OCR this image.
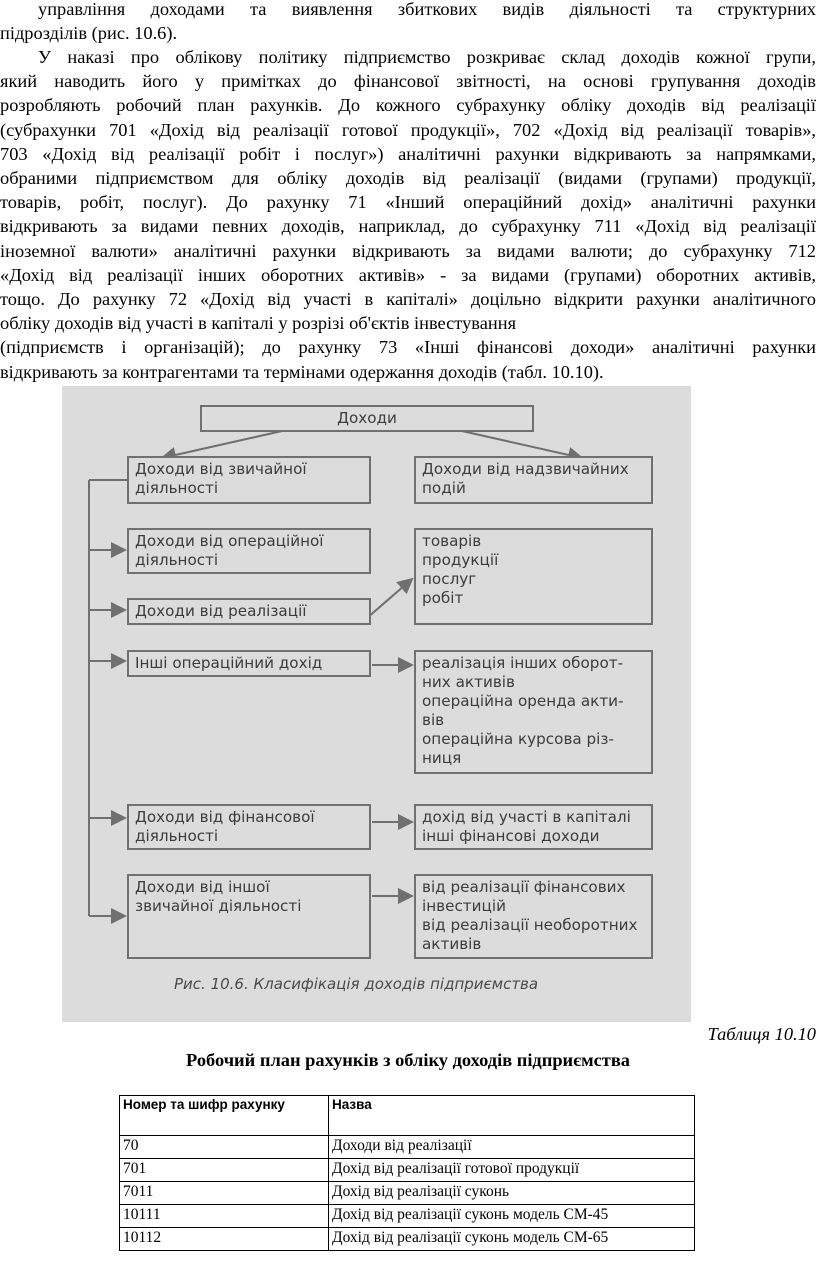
управління доходами та виявлення збиткових видів діяльності та структурних
підрозділів (рис. 10.6).

У наказі про облікову політику підприємство розкриває склад доходів кожної групи,
який наводить його у примітках до фінансової звітності, на основі групування доходів
розробляють робочий план рахунків. До кожного субрахунку обліку доходів від реалізації
(субрахунки 701 «Дохід від реалізації готової продукції», 702 «Дохід від реалізації товарів»,
703 «Дохід від реалізації робіт і послуг») аналітичні рахунки відкривають за напрямками,
обраними підприємством для обліку доходів від реалізації (видами (групами) продукції,
товарів, робіт, послуг). До рахунку 71 «Інший операційний дохід» аналітичні рахунки
відкривають за видами певних доходів, наприклад, до субрахунку 711 «Дохід від реалізації
іноземної валюти» аналітичні рахунки відкривають за видами валюти; до субрахунку 712
«Дохід від реалізації інших оборотних активів» - за видами (групами) оборотних активів,
тощо. До рахунку 72 «Дохід від участі в капіталі» доцільно відкрити рахунки аналітичного
обліку доходів від участі в капіталі у розрізі об'єктів інвестування
(підприємств і організацій); до рахунку 73 «Інші фінансові доходи» аналітичні рахунки
відкривають за контрагентами та термінами одержання доходів (табл. 10.10).

Доходи
Доходи від звичайної
діяльності
Доходи від надзвичайних
подій
Доходи від операційної
діяльності
Доходи від реалізації
товарів
продукції
послуг
робіт
Інші операційний дохід	реалізація інших оборот-
них активів
операційна оренда акти-
вів
операційна курсова різ-
ниця
Доходи від фінансової
діяльності
дохід від участі в капіталі
інші фінансові доходи
Доходи від іншої
звичайної діяльності
від реалізації фінансових
інвестицій
від реалізації необоротних
активів
Рис. 10.6. Класифікація доходів підприємства
Таблиця 10.10
Робочий план рахунків з обліку доходів підприємства
Номер та шифр рахунку	Назва
70	Доходи від реалізації
701	Дохід від реалізації готової продукції
7011	Дохід від реалізації суконь
10111	Дохід від реалізації суконь модель СМ-45
10112	Дохід від реалізації суконь модель СМ-65
